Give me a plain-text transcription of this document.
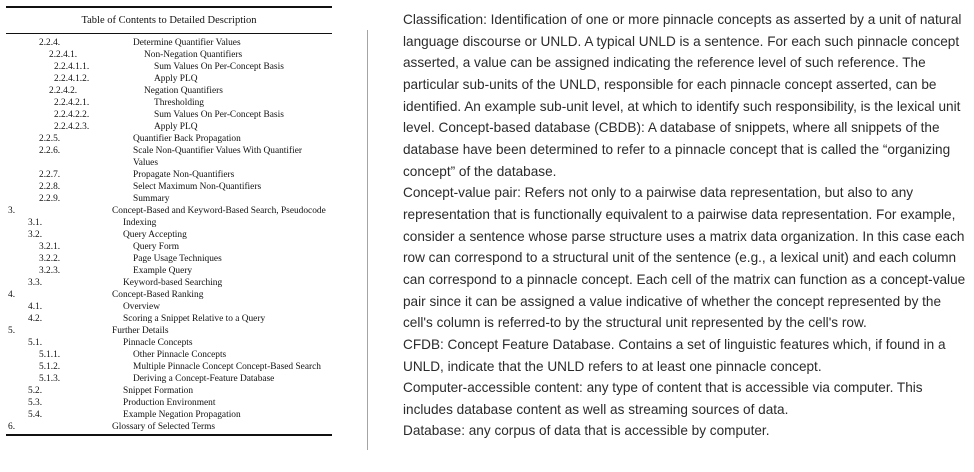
Table of Contents to Detailed Description
2.2.4.	Determine Quantifier Values
2.2.4.1.	Non-Negation Quantifiers
2.2.4.1.1.	Sum Values On Per-Concept Basis
2.2.4.1.2.	Apply PLQ
2.2.4.2.	Negation Quantifiers
2.2.4.2.1.	Thresholding
2.2.4.2.2.	Sum Values On Per-Concept Basis
2.2.4.2.3.	Apply PLQ
2.2.5.	Quantifier Back Propagation
2.2.6.	Scale Non-Quantifier Values With Quantifier Values
2.2.7.	Propagate Non-Quantifiers
2.2.8.	Select Maximum Non-Quantifiers
2.2.9.	Summary
3.	Concept-Based and Keyword-Based Search, Pseudocode
3.1.	Indexing
3.2.	Query Accepting
3.2.1.	Query Form
3.2.2.	Page Usage Techniques
3.2.3.	Example Query
3.3.	Keyword-based Searching
4.	Concept-Based Ranking
4.1.	Overview
4.2.	Scoring a Snippet Relative to a Query
5.	Further Details
5.1.	Pinnacle Concepts
5.1.1.	Other Pinnacle Concepts
5.1.2.	Multiple Pinnacle Concept Concept-Based Search
5.1.3.	Deriving a Concept-Feature Database
5.2.	Snippet Formation
5.3.	Production Environment
5.4.	Example Negation Propagation
6.	Glossary of Selected Terms

Classification: Identification of one or more pinnacle concepts as asserted by a unit of natural language discourse or UNLD. A typical UNLD is a sentence. For each such pinnacle concept asserted, a value can be assigned indicating the reference level of such reference. The particular sub-units of the UNLD, responsible for each pinnacle concept asserted, can be identified. An example sub-unit level, at which to identify such responsibility, is the lexical unit level. Concept-based database (CBDB): A database of snippets, where all snippets of the database have been determined to refer to a pinnacle concept that is called the “organizing concept” of the database.

Concept-value pair: Refers not only to a pairwise data representation, but also to any representation that is functionally equivalent to a pairwise data representation. For example, consider a sentence whose parse structure uses a matrix data organization. In this case each row can correspond to a structural unit of the sentence (e.g., a lexical unit) and each column can correspond to a pinnacle concept. Each cell of the matrix can function as a concept-value pair since it can be assigned a value indicative of whether the concept represented by the cell's column is referred-to by the structural unit represented by the cell's row.

CFDB: Concept Feature Database. Contains a set of linguistic features which, if found in a UNLD, indicate that the UNLD refers to at least one pinnacle concept.

Computer-accessible content: any type of content that is accessible via computer. This includes database content as well as streaming sources of data.

Database: any corpus of data that is accessible by computer.
